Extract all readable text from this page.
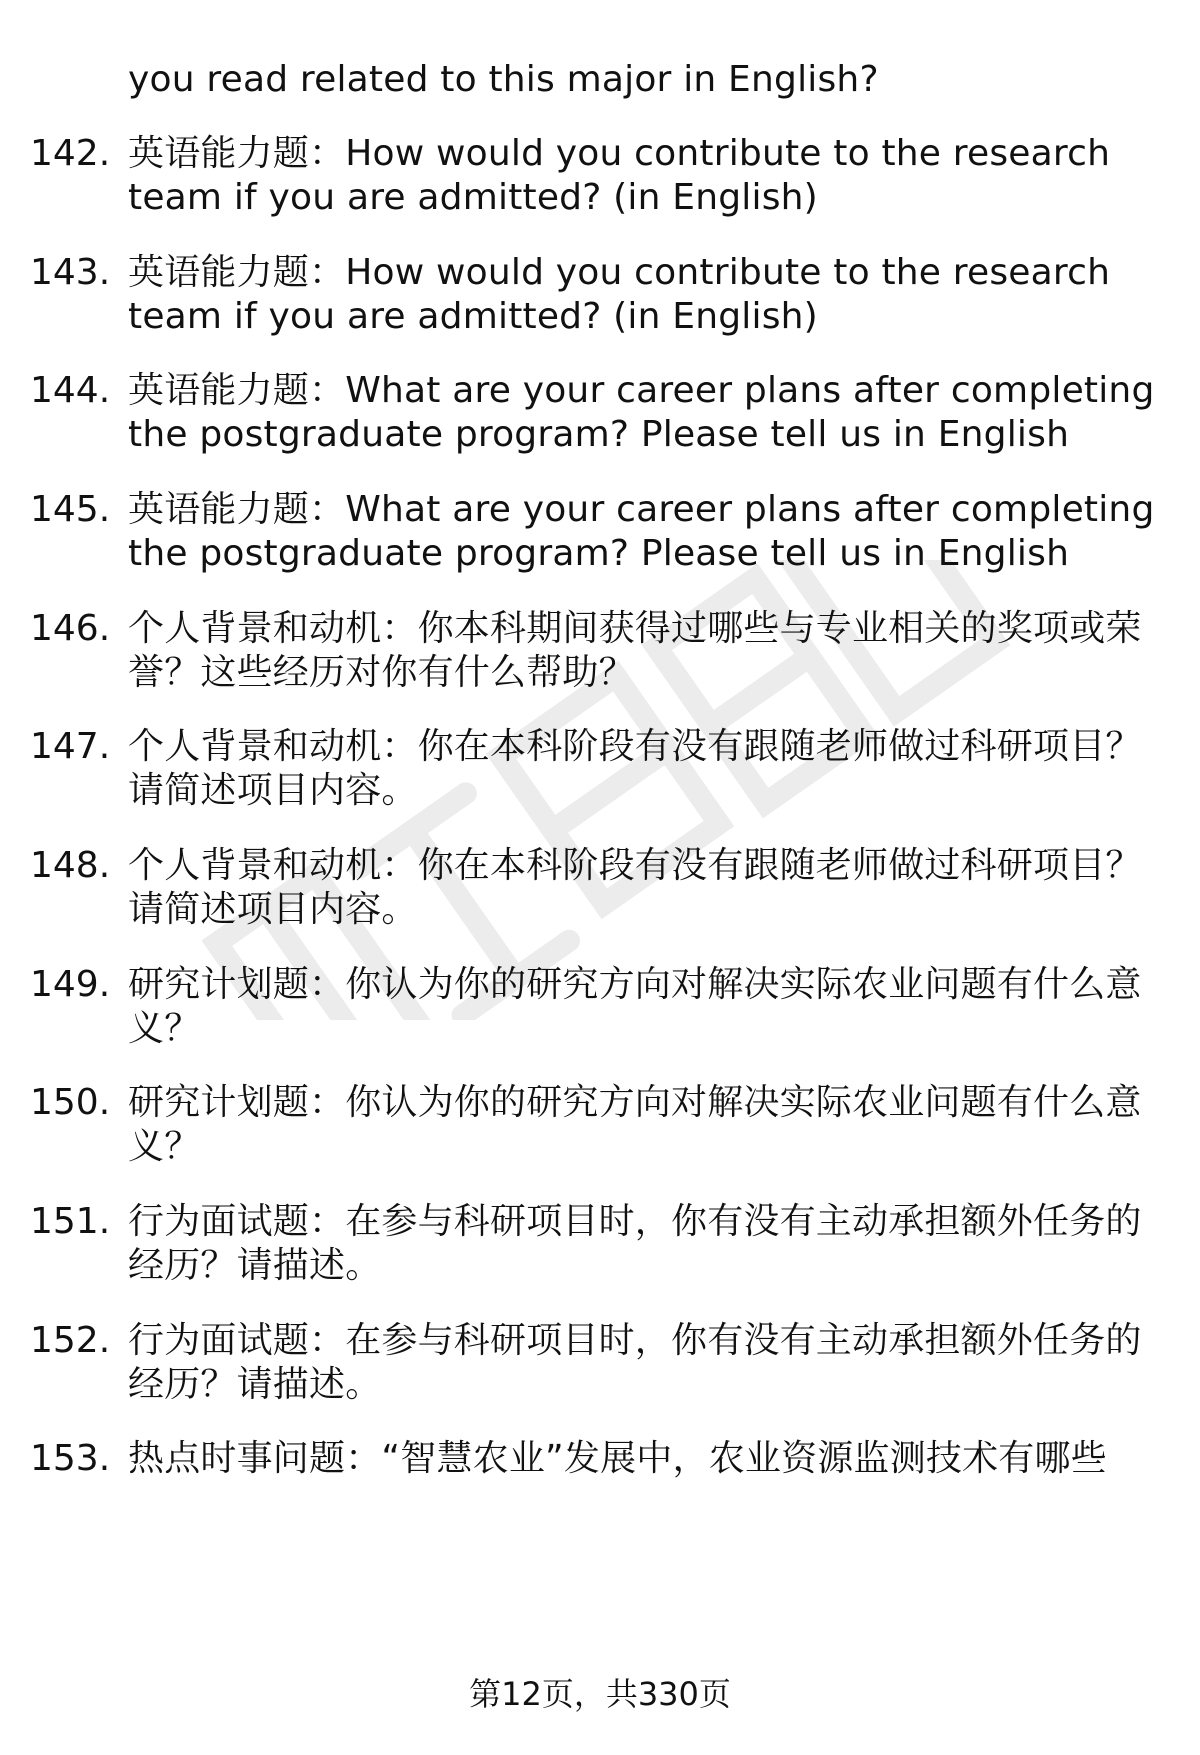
you read related to this major in English?
142. 英语能力题：How would you contribute to the research
team if you are admitted? (in English)
143. 英语能力题：How would you contribute to the research
team if you are admitted? (in English)
144. 英语能力题：What are your career plans after completing
the postgraduate program? Please tell us in English
145. 英语能力题：What are your career plans after completing
the postgraduate program? Please tell us in English
146. 个人背景和动机：你本科期间获得过哪些与专业相关的奖项或荣
誉？这些经历对你有什么帮助？
147. 个人背景和动机：你在本科阶段有没有跟随老师做过科研项目？
请简述项目内容。
148. 个人背景和动机：你在本科阶段有没有跟随老师做过科研项目？
请简述项目内容。
149. 研究计划题：你认为你的研究方向对解决实际农业问题有什么意
义？
150. 研究计划题：你认为你的研究方向对解决实际农业问题有什么意
义？
151. 行为面试题：在参与科研项目时，你有没有主动承担额外任务的
经历？请描述。
152. 行为面试题：在参与科研项目时，你有没有主动承担额外任务的
经历？请描述。
153. 热点时事问题：“智慧农业”发展中，农业资源监测技术有哪些
第12页，共330页
